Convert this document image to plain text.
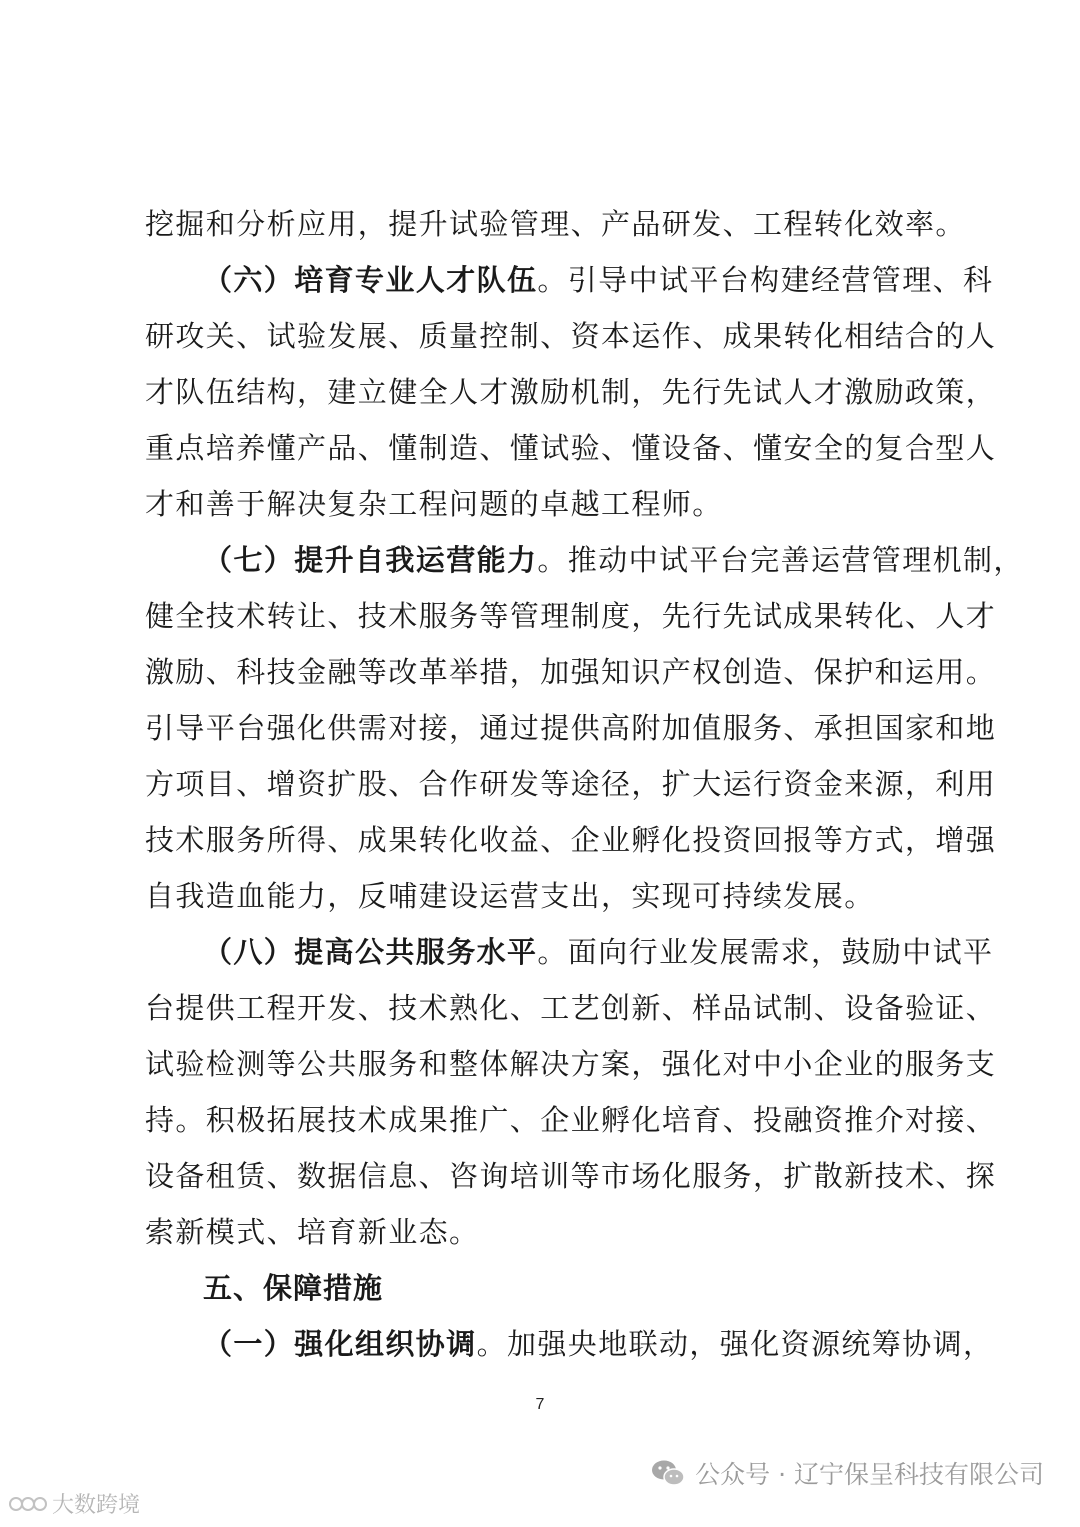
挖掘和分析应用，提升试验管理、产品研发、工程转化效率。
（六）培育专业人才队伍。引导中试平台构建经营管理、科
研攻关、试验发展、质量控制、资本运作、成果转化相结合的人
才队伍结构，建立健全人才激励机制，先行先试人才激励政策，
重点培养懂产品、懂制造、懂试验、懂设备、懂安全的复合型人
才和善于解决复杂工程问题的卓越工程师。
（七）提升自我运营能力。推动中试平台完善运营管理机制，
健全技术转让、技术服务等管理制度，先行先试成果转化、人才
激励、科技金融等改革举措，加强知识产权创造、保护和运用。
引导平台强化供需对接，通过提供高附加值服务、承担国家和地
方项目、增资扩股、合作研发等途径，扩大运行资金来源，利用
技术服务所得、成果转化收益、企业孵化投资回报等方式，增强
自我造血能力，反哺建设运营支出，实现可持续发展。
（八）提高公共服务水平。面向行业发展需求，鼓励中试平
台提供工程开发、技术熟化、工艺创新、样品试制、设备验证、
试验检测等公共服务和整体解决方案，强化对中小企业的服务支
持。积极拓展技术成果推广、企业孵化培育、投融资推介对接、
设备租赁、数据信息、咨询培训等市场化服务，扩散新技术、探
索新模式、培育新业态。
五、保障措施
（一）强化组织协调。加强央地联动，强化资源统筹协调，
7
公众号 · 辽宁保呈科技有限公司
大数跨境
